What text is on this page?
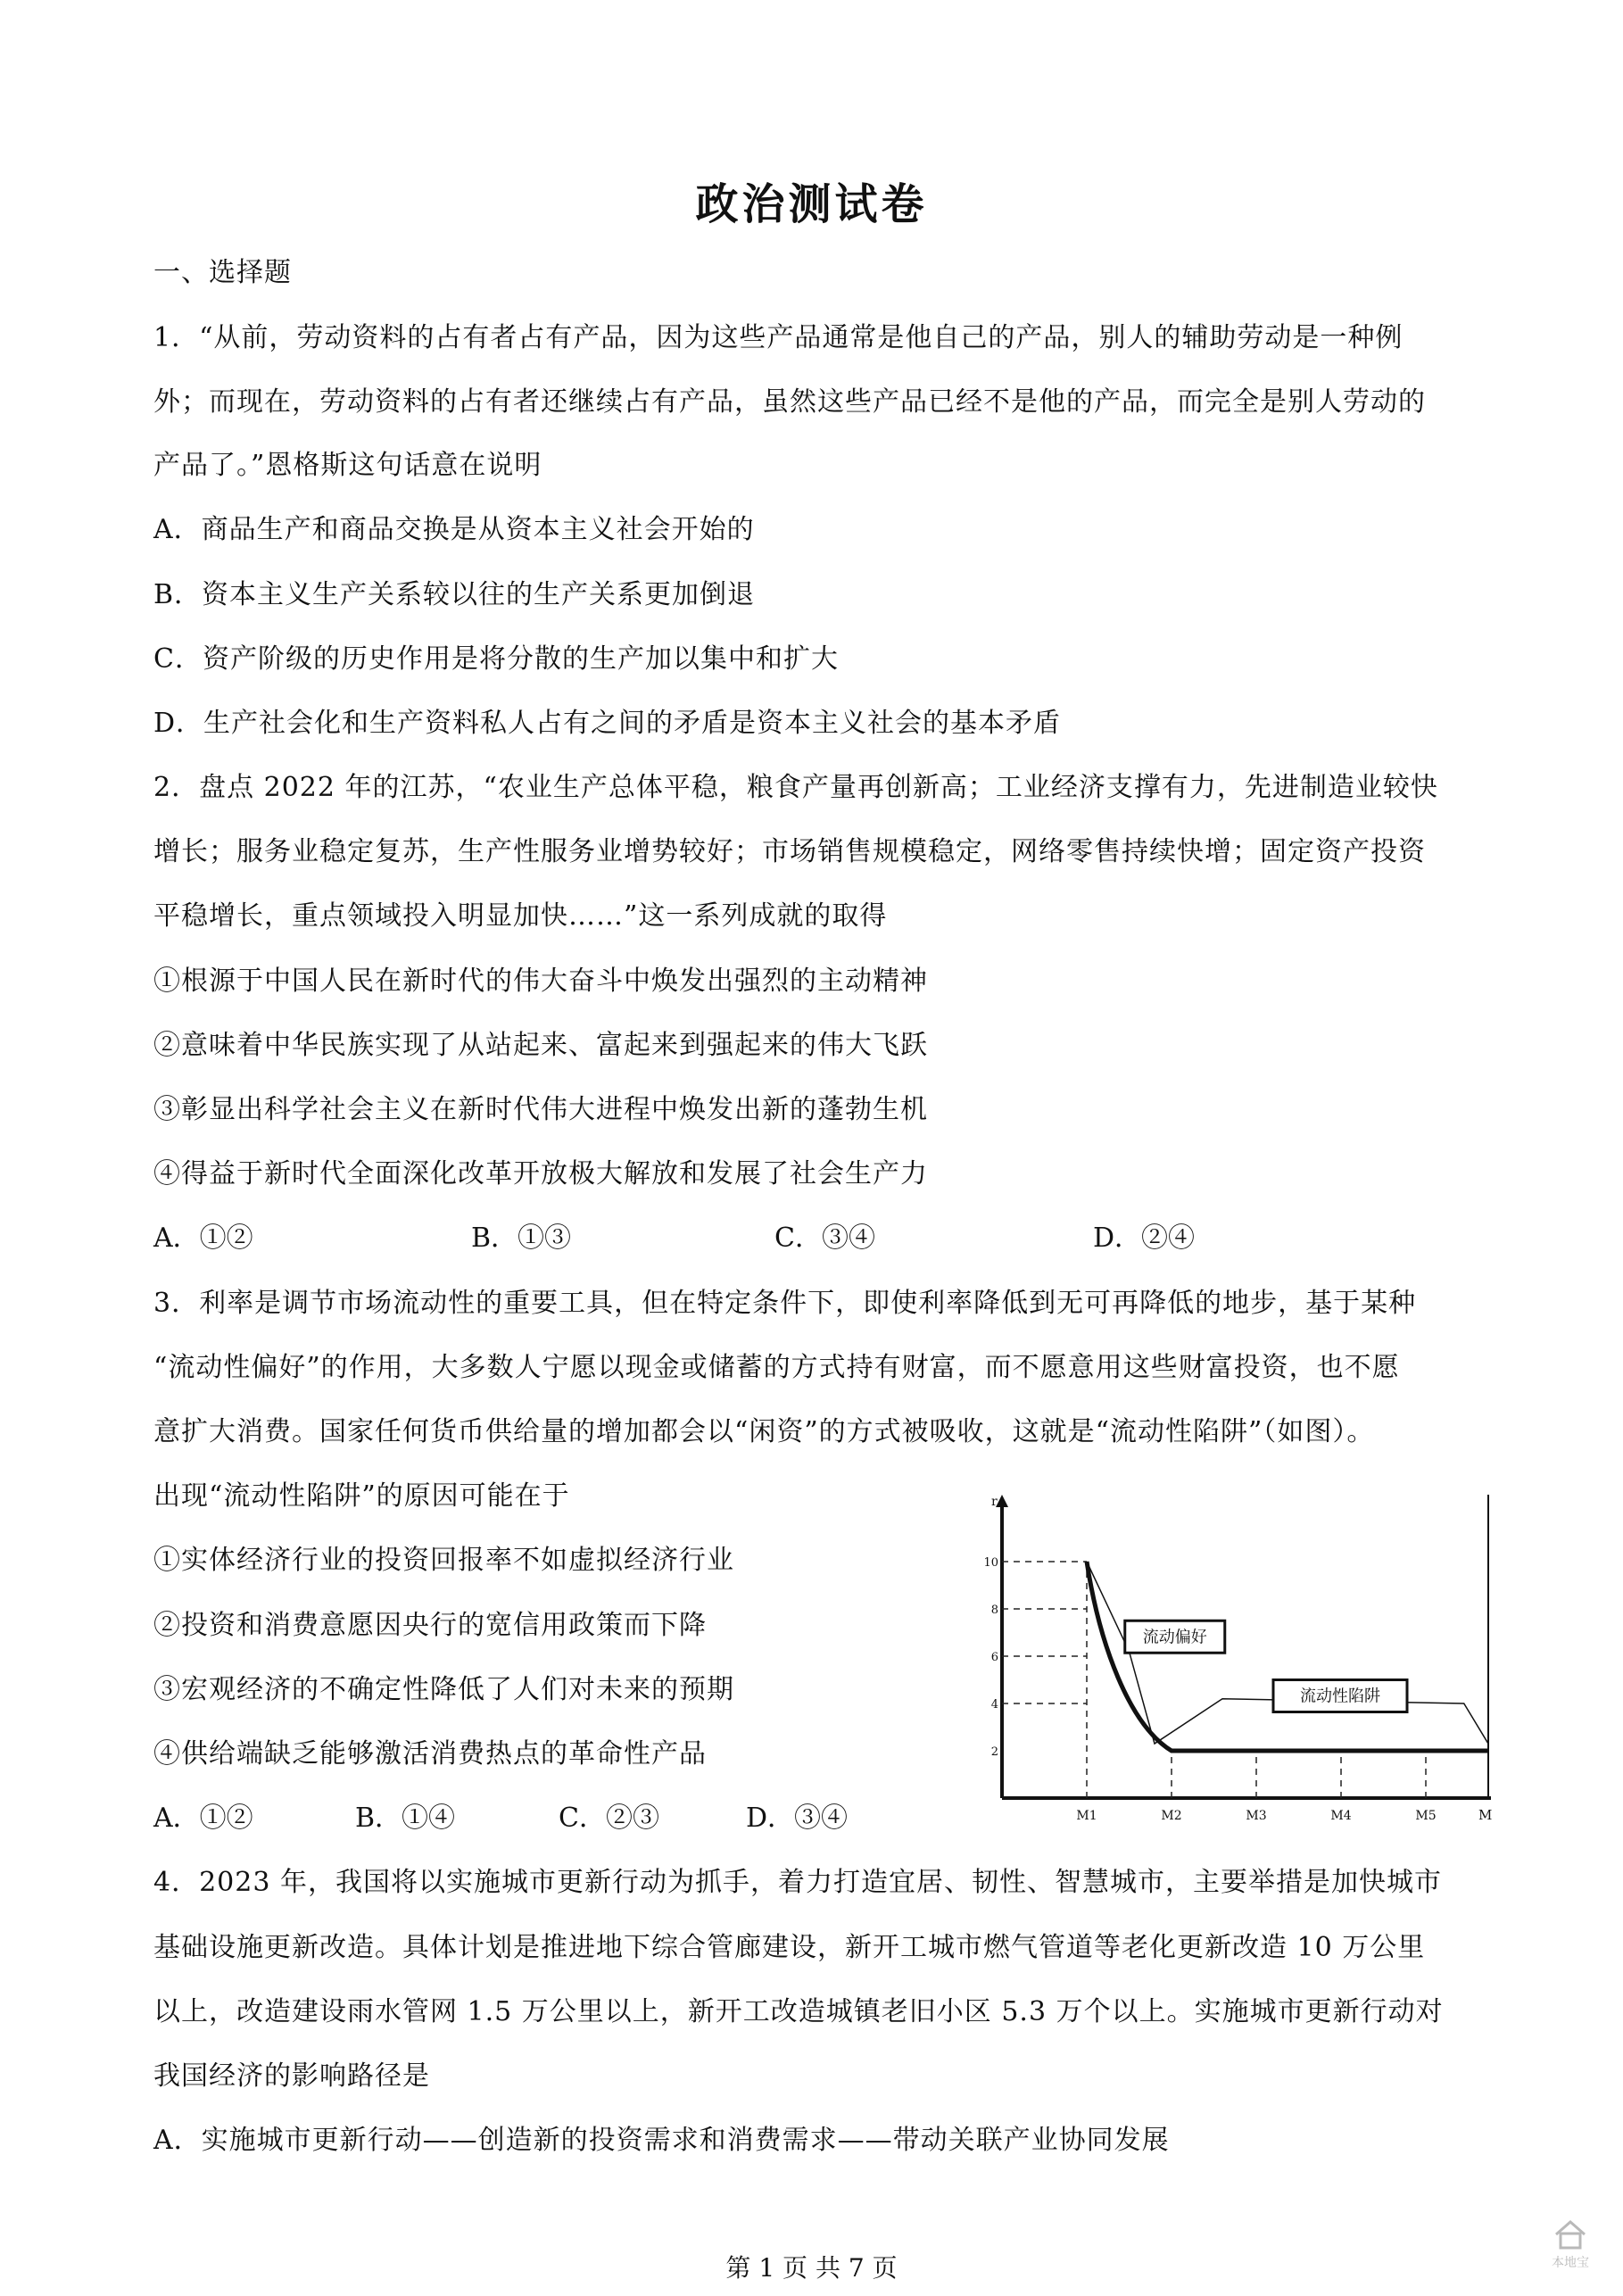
政治测试卷
一、选择题
1．“从前，劳动资料的占有者占有产品，因为这些产品通常是他自己的产品，别人的辅助劳动是一种例
外；而现在，劳动资料的占有者还继续占有产品，虽然这些产品已经不是他的产品，而完全是别人劳动的
产品了。”恩格斯这句话意在说明
A．商品生产和商品交换是从资本主义社会开始的
B．资本主义生产关系较以往的生产关系更加倒退
C．资产阶级的历史作用是将分散的生产加以集中和扩大
D．生产社会化和生产资料私人占有之间的矛盾是资本主义社会的基本矛盾
2．盘点 2022 年的江苏，“农业生产总体平稳，粮食产量再创新高；工业经济支撑有力，先进制造业较快
增长；服务业稳定复苏，生产性服务业增势较好；市场销售规模稳定，网络零售持续快增；固定资产投资
平稳增长，重点领域投入明显加快……”这一系列成就的取得
①根源于中国人民在新时代的伟大奋斗中焕发出强烈的主动精神
②意味着中华民族实现了从站起来、富起来到强起来的伟大飞跃
③彰显出科学社会主义在新时代伟大进程中焕发出新的蓬勃生机
④得益于新时代全面深化改革开放极大解放和发展了社会生产力
A．①②	B．①③	C．③④	D．②④
3．利率是调节市场流动性的重要工具，但在特定条件下，即使利率降低到无可再降低的地步，基于某种
“流动性偏好”的作用，大多数人宁愿以现金或储蓄的方式持有财富，而不愿意用这些财富投资，也不愿
意扩大消费。国家任何货币供给量的增加都会以“闲资”的方式被吸收，这就是“流动性陷阱”（如图）。
出现“流动性陷阱”的原因可能在于
①实体经济行业的投资回报率不如虚拟经济行业
②投资和消费意愿因央行的宽信用政策而下降
③宏观经济的不确定性降低了人们对未来的预期
④供给端缺乏能够激活消费热点的革命性产品
A．①②	B．①④	C．②③	D．③④
4．2023 年，我国将以实施城市更新行动为抓手，着力打造宜居、韧性、智慧城市，主要举措是加快城市
基础设施更新改造。具体计划是推进地下综合管廊建设，新开工城市燃气管道等老化更新改造 10 万公里
以上，改造建设雨水管网 1.5 万公里以上，新开工改造城镇老旧小区 5.3 万个以上。实施城市更新行动对
我国经济的影响路径是
A．实施城市更新行动——创造新的投资需求和消费需求——带动关联产业协同发展
2
4
6
8
10
r
M1	M2	M3	M4	M5	M
流动偏好
流动性陷阱
第 1 页 共 7 页	本地宝
